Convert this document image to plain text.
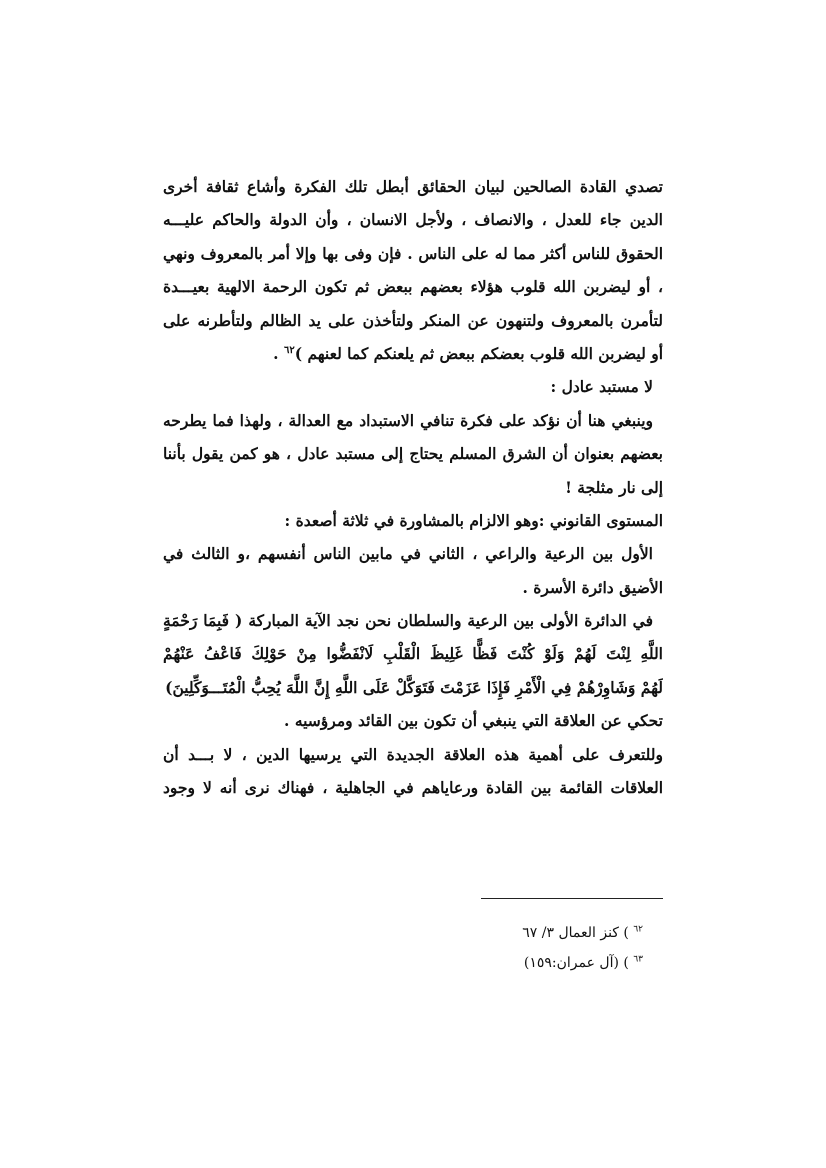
تصدي القادة الصالحين لبيان الحقائق أبطل تلك الفكرة وأشاع ثقافة أخرى
الدين جاء للعدل ، والانصاف ، ولأجل الانسان ، وأن الدولة والحاكم عليـــه
الحقوق للناس أكثر مما له على الناس . فإن وفى بها وإلا أمر بالمعروف ونهي
، أو ليضربن الله قلوب هؤلاء بعضهم ببعض ثم تكون الرحمة الالهية بعيـــدة
لتأمرن بالمعروف ولتنهون عن المنكر ولتأخذن على يد الظالم ولتأطرنه على
أو ليضربن الله قلوب بعضكم ببعض ثم يلعنكم كما لعنهم )$^{٦٢}$ .
لا مستبد عادل :
وينبغي هنا أن نؤكد على فكرة تنافي الاستبداد مع العدالة ، ولهذا فما يطرحه
بعضهم بعنوان أن الشرق المسلم يحتاج إلى مستبد عادل ، هو كمن يقول بأننا
إلى نار مثلجة !
المستوى القانوني :وهو الالزام بالمشاورة في ثلاثة أصعدة :
الأول بين الرعية والراعي ، الثاني في مابين الناس أنفسهم ،و الثالث في
الأضيق دائرة الأسرة .
في الدائرة الأولى بين الرعية والسلطان نحن نجد الآية المباركة ( فَبِمَا رَحْمَةٍ
اللَّهِ لِنْتَ لَهُمْ وَلَوْ كُنْتَ فَظًّا غَلِيظَ الْقَلْبِ لَانْفَضُّوا مِنْ حَوْلِكَ فَاعْفُ عَنْهُمْ
لَهُمْ وَشَاوِرْهُمْ فِي الْأَمْرِ فَإِذَا عَزَمْتَ فَتَوَكَّلْ عَلَى اللَّهِ إِنَّ اللَّهَ يُحِبُّ الْمُتَـــوَكِّلِينَ)
تحكي عن العلاقة التي ينبغي أن تكون بين القائد ومرؤسيه .
وللتعرف على أهمية هذه العلاقة الجديدة التي يرسيها الدين ، لا بـــد أن
العلاقات القائمة بين القادة ورعاياهم في الجاهلية ، فهناك نرى أنه لا وجود
$^{٦٢}$ ) كنز العمال ٣/ ٦٧
$^{٦٣}$ ) (آل عمران:١٥٩)
